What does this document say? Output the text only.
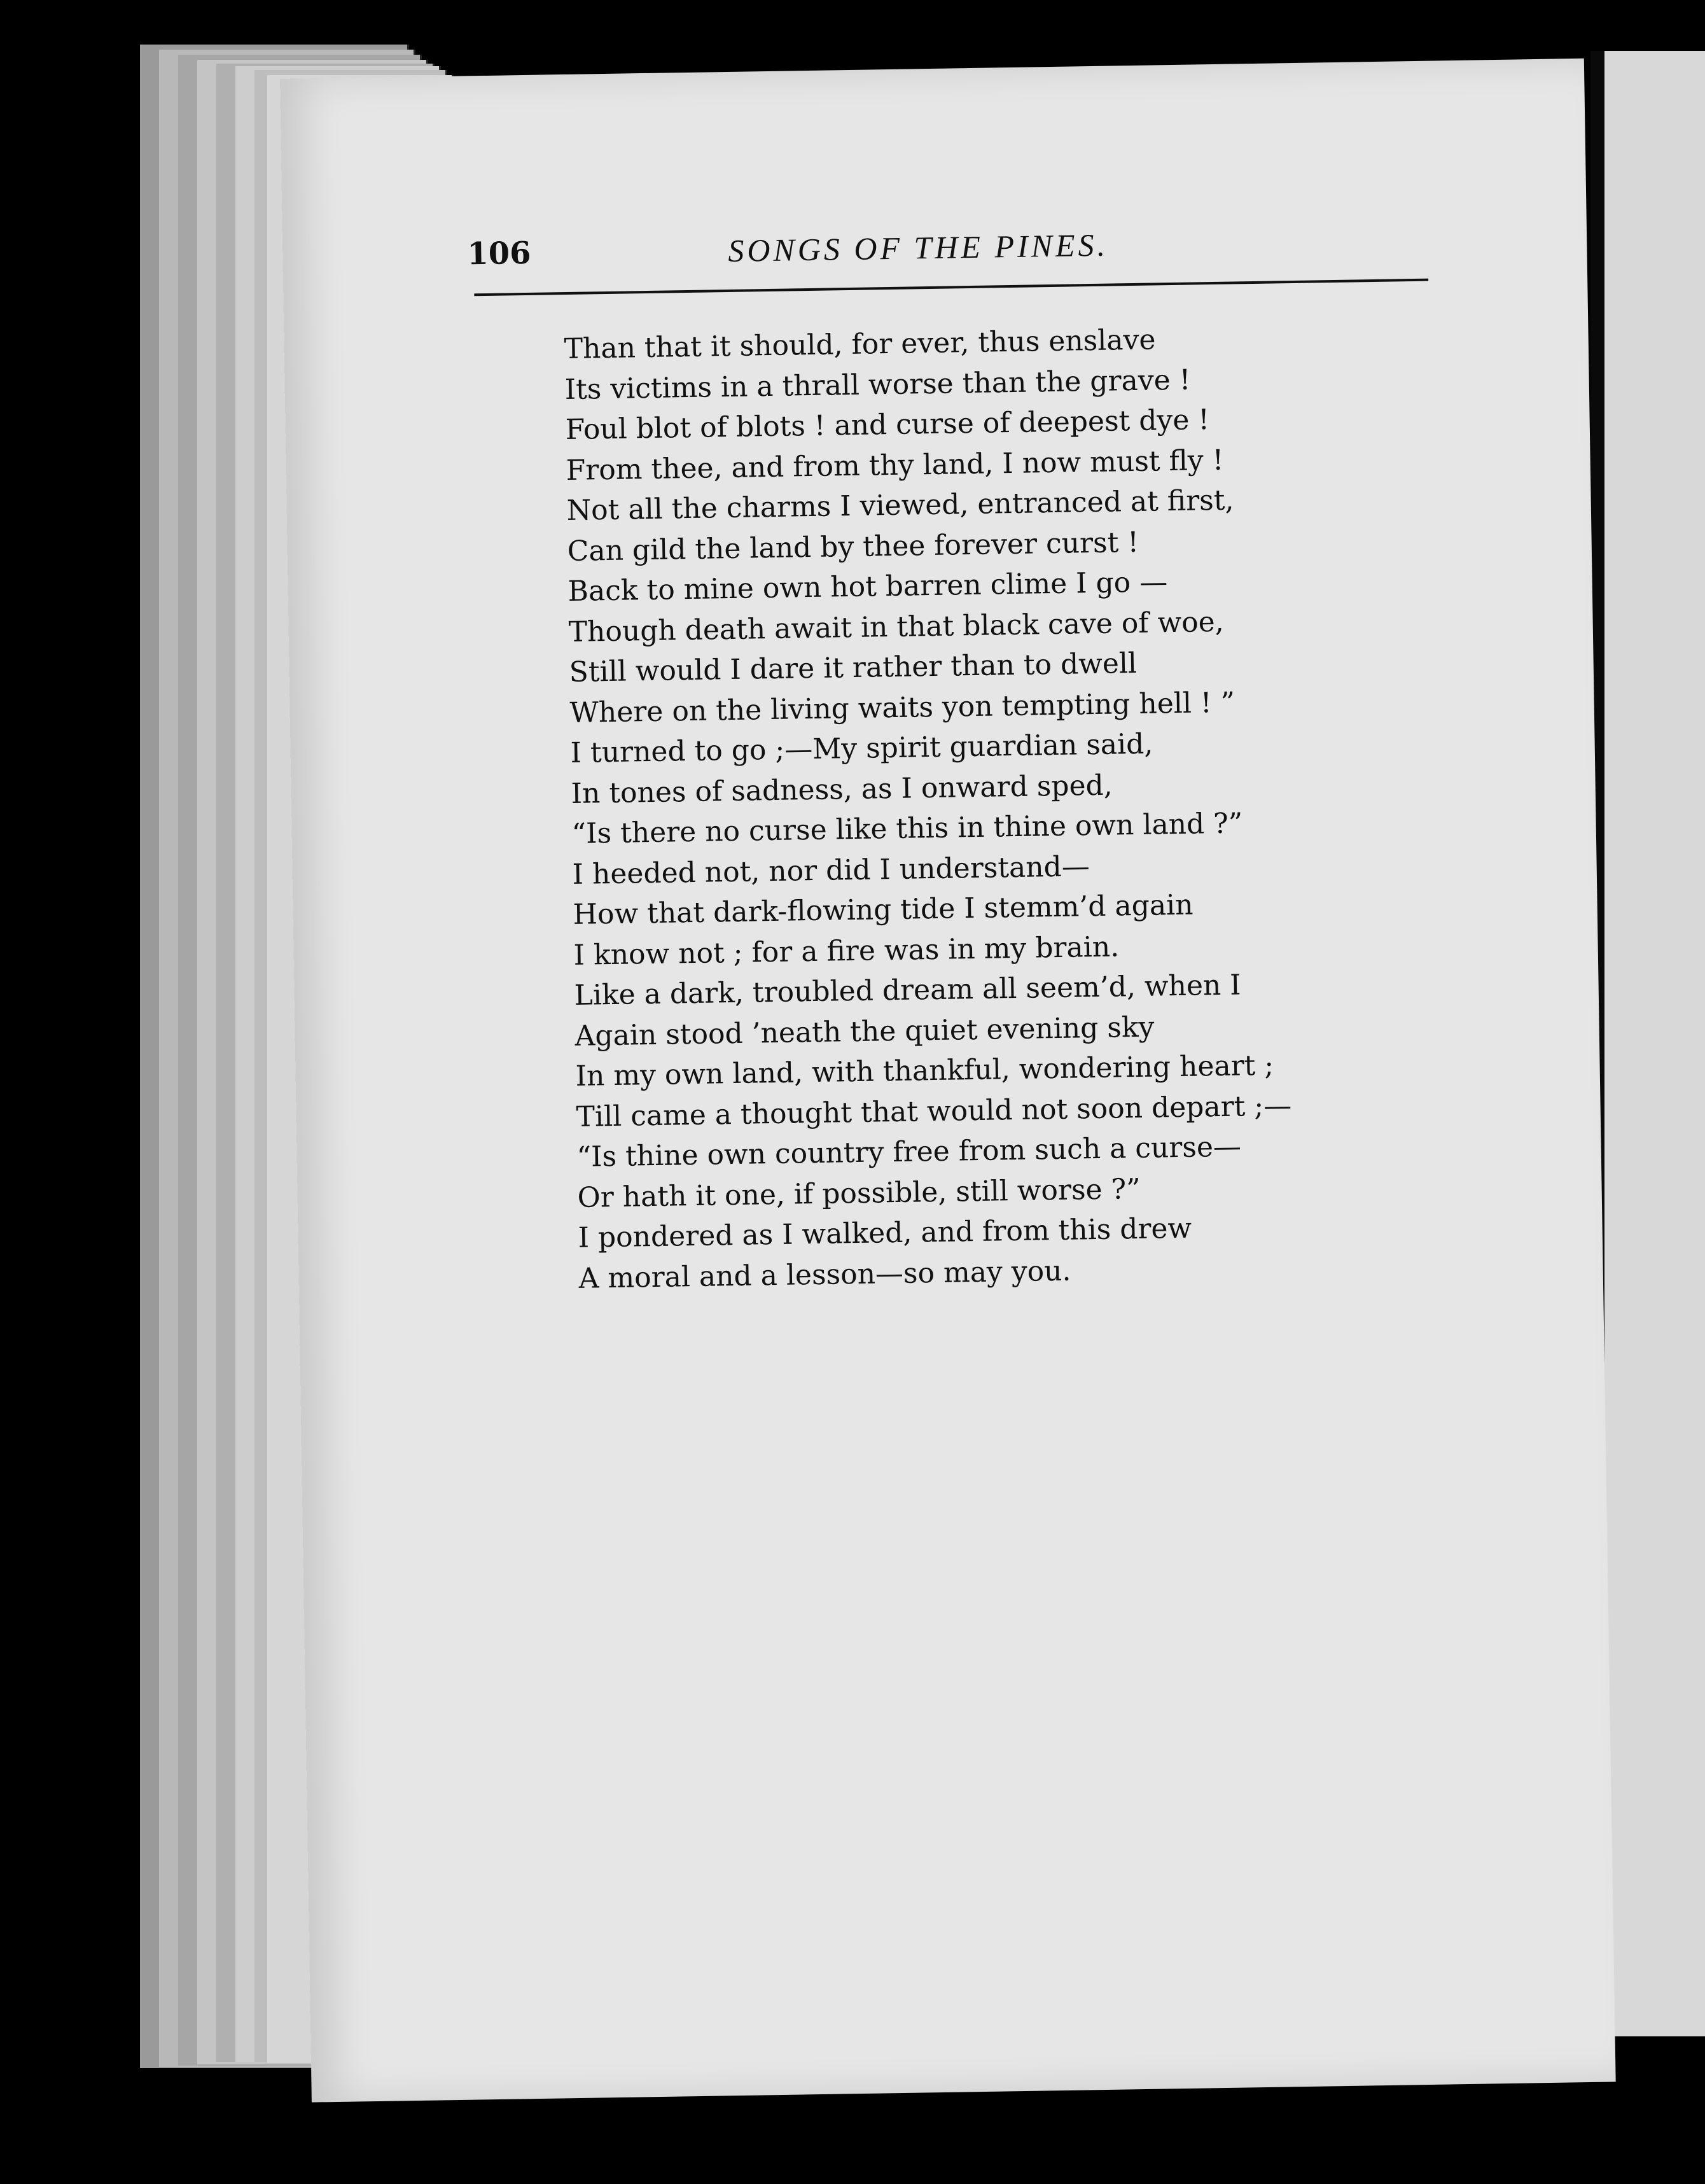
106	SONGS OF THE PINES.
Than that it should, for ever, thus enslave
Its victims in a thrall worse than the grave !
Foul blot of blots ! and curse of deepest dye !
From thee, and from thy land, I now must fly !
Not all the charms I viewed, entranced at first,
Can gild the land by thee forever curst !
Back to mine own hot barren clime I go —
Though death await in that black cave of woe,
Still would I dare it rather than to dwell
Where on the living waits yon tempting hell ! ”
I turned to go ;—My spirit guardian said,
In tones of sadness, as I onward sped,
“Is there no curse like this in thine own land ?”
I heeded not, nor did I understand—
How that dark-flowing tide I stemm’d again
I know not ; for a fire was in my brain.
Like a dark, troubled dream all seem’d, when I
Again stood ’neath the quiet evening sky
In my own land, with thankful, wondering heart ;
Till came a thought that would not soon depart ;—
“Is thine own country free from such a curse—
Or hath it one, if possible, still worse ?”
I pondered as I walked, and from this drew
A moral and a lesson—so may you.
